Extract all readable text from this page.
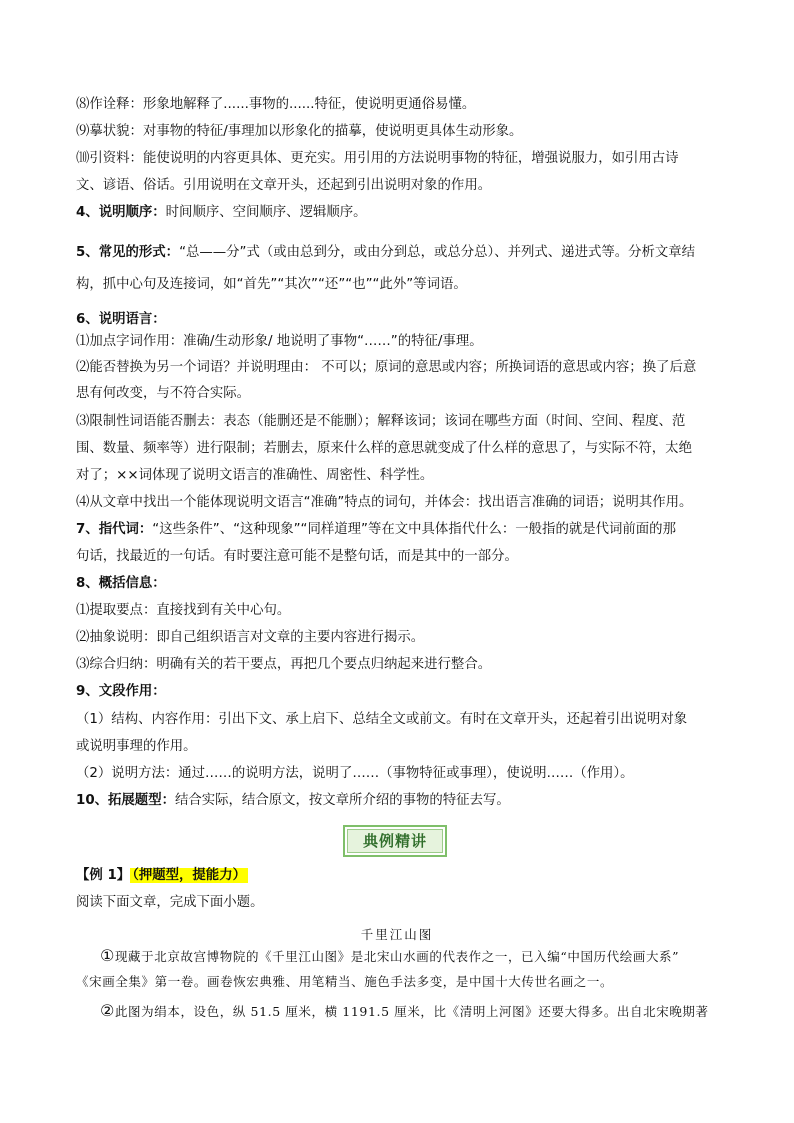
⑻作诠释：形象地解释了......事物的......特征，使说明更通俗易懂。
⑼摹状貌：对事物的特征/事理加以形象化的描摹，使说明更具体生动形象。
⑽引资料：能使说明的内容更具体、更充实。用引用的方法说明事物的特征，增强说服力，如引用古诗
文、谚语、俗话。引用说明在文章开头，还起到引出说明对象的作用。
4、说明顺序：时间顺序、空间顺序、逻辑顺序。
5、常见的形式：“总——分”式（或由总到分，或由分到总，或总分总）、并列式、递进式等。分析文章结
构，抓中心句及连接词，如“首先”“其次”“还”“也”“此外”等词语。
6、说明语言：
⑴加点字词作用：准确/生动形象/ 地说明了事物“……”的特征/事理。
⑵能否替换为另一个词语？并说明理由： 不可以；原词的意思或内容；所换词语的意思或内容；换了后意
思有何改变，与不符合实际。
⑶限制性词语能否删去：表态（能删还是不能删）；解释该词；该词在哪些方面（时间、空间、程度、范
围、数量、频率等）进行限制；若删去，原来什么样的意思就变成了什么样的意思了，与实际不符，太绝
对了；××词体现了说明文语言的准确性、周密性、科学性。
⑷从文章中找出一个能体现说明文语言“准确”特点的词句，并体会：找出语言准确的词语；说明其作用。
7、指代词：“这些条件”、“这种现象”“同样道理”等在文中具体指代什么：一般指的就是代词前面的那
句话，找最近的一句话。有时要注意可能不是整句话，而是其中的一部分。
8、概括信息：
⑴提取要点：直接找到有关中心句。
⑵抽象说明：即自己组织语言对文章的主要内容进行揭示。
⑶综合归纳：明确有关的若干要点，再把几个要点归纳起来进行整合。
9、文段作用：
（1）结构、内容作用：引出下文、承上启下、总结全文或前文。有时在文章开头，还起着引出说明对象
或说明事理的作用。
（2）说明方法：通过……的说明方法，说明了……（事物特征或事理），使说明……（作用）。
10、拓展题型：结合实际，结合原文，按文章所介绍的事物的特征去写。
典例精讲
【例 1】 （押题型，提能力）
阅读下面文章，完成下面小题。
千里江山图
①现藏于北京故宫博物院的《千里江山图》是北宋山水画的代表作之一，已入编“中国历代绘画大系”
《宋画全集》第一卷。画卷恢宏典雅、用笔精当、施色手法多变，是中国十大传世名画之一。
②此图为绢本，设色，纵 51.5 厘米，横 1191.5 厘米，比《清明上河图》还要大得多。出自北宋晚期著
